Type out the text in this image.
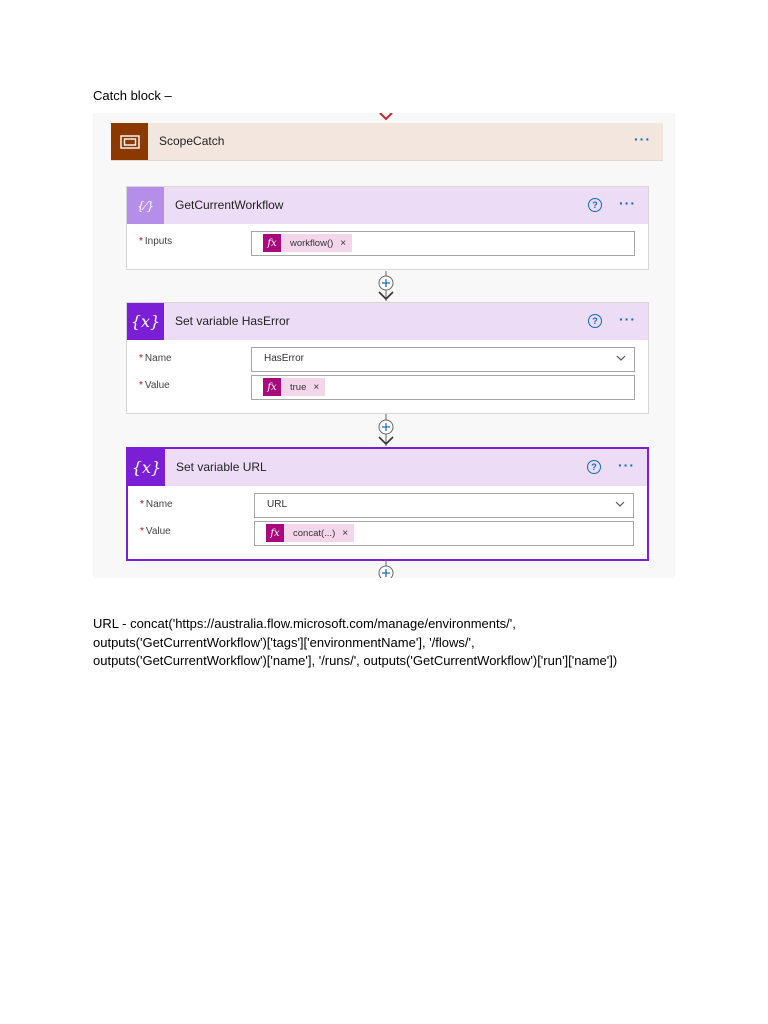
Catch block –
ScopeCatch	···
{⁄} GetCurrentWorkflow	?	···
* Inputs	fx	workflow() ×
{x}	Set variable HasError	?	···
* Name	HasError
* Value	fx	true ×
{x}	Set variable URL	?	···
* Name	URL
* Value	fx	concat(...) ×
URL - concat('https://australia.flow.microsoft.com/manage/environments/',
outputs('GetCurrentWorkflow')['tags']['environmentName'], '/flows/',
outputs('GetCurrentWorkflow')['name'], '/runs/', outputs('GetCurrentWorkflow')['run']['name'])
